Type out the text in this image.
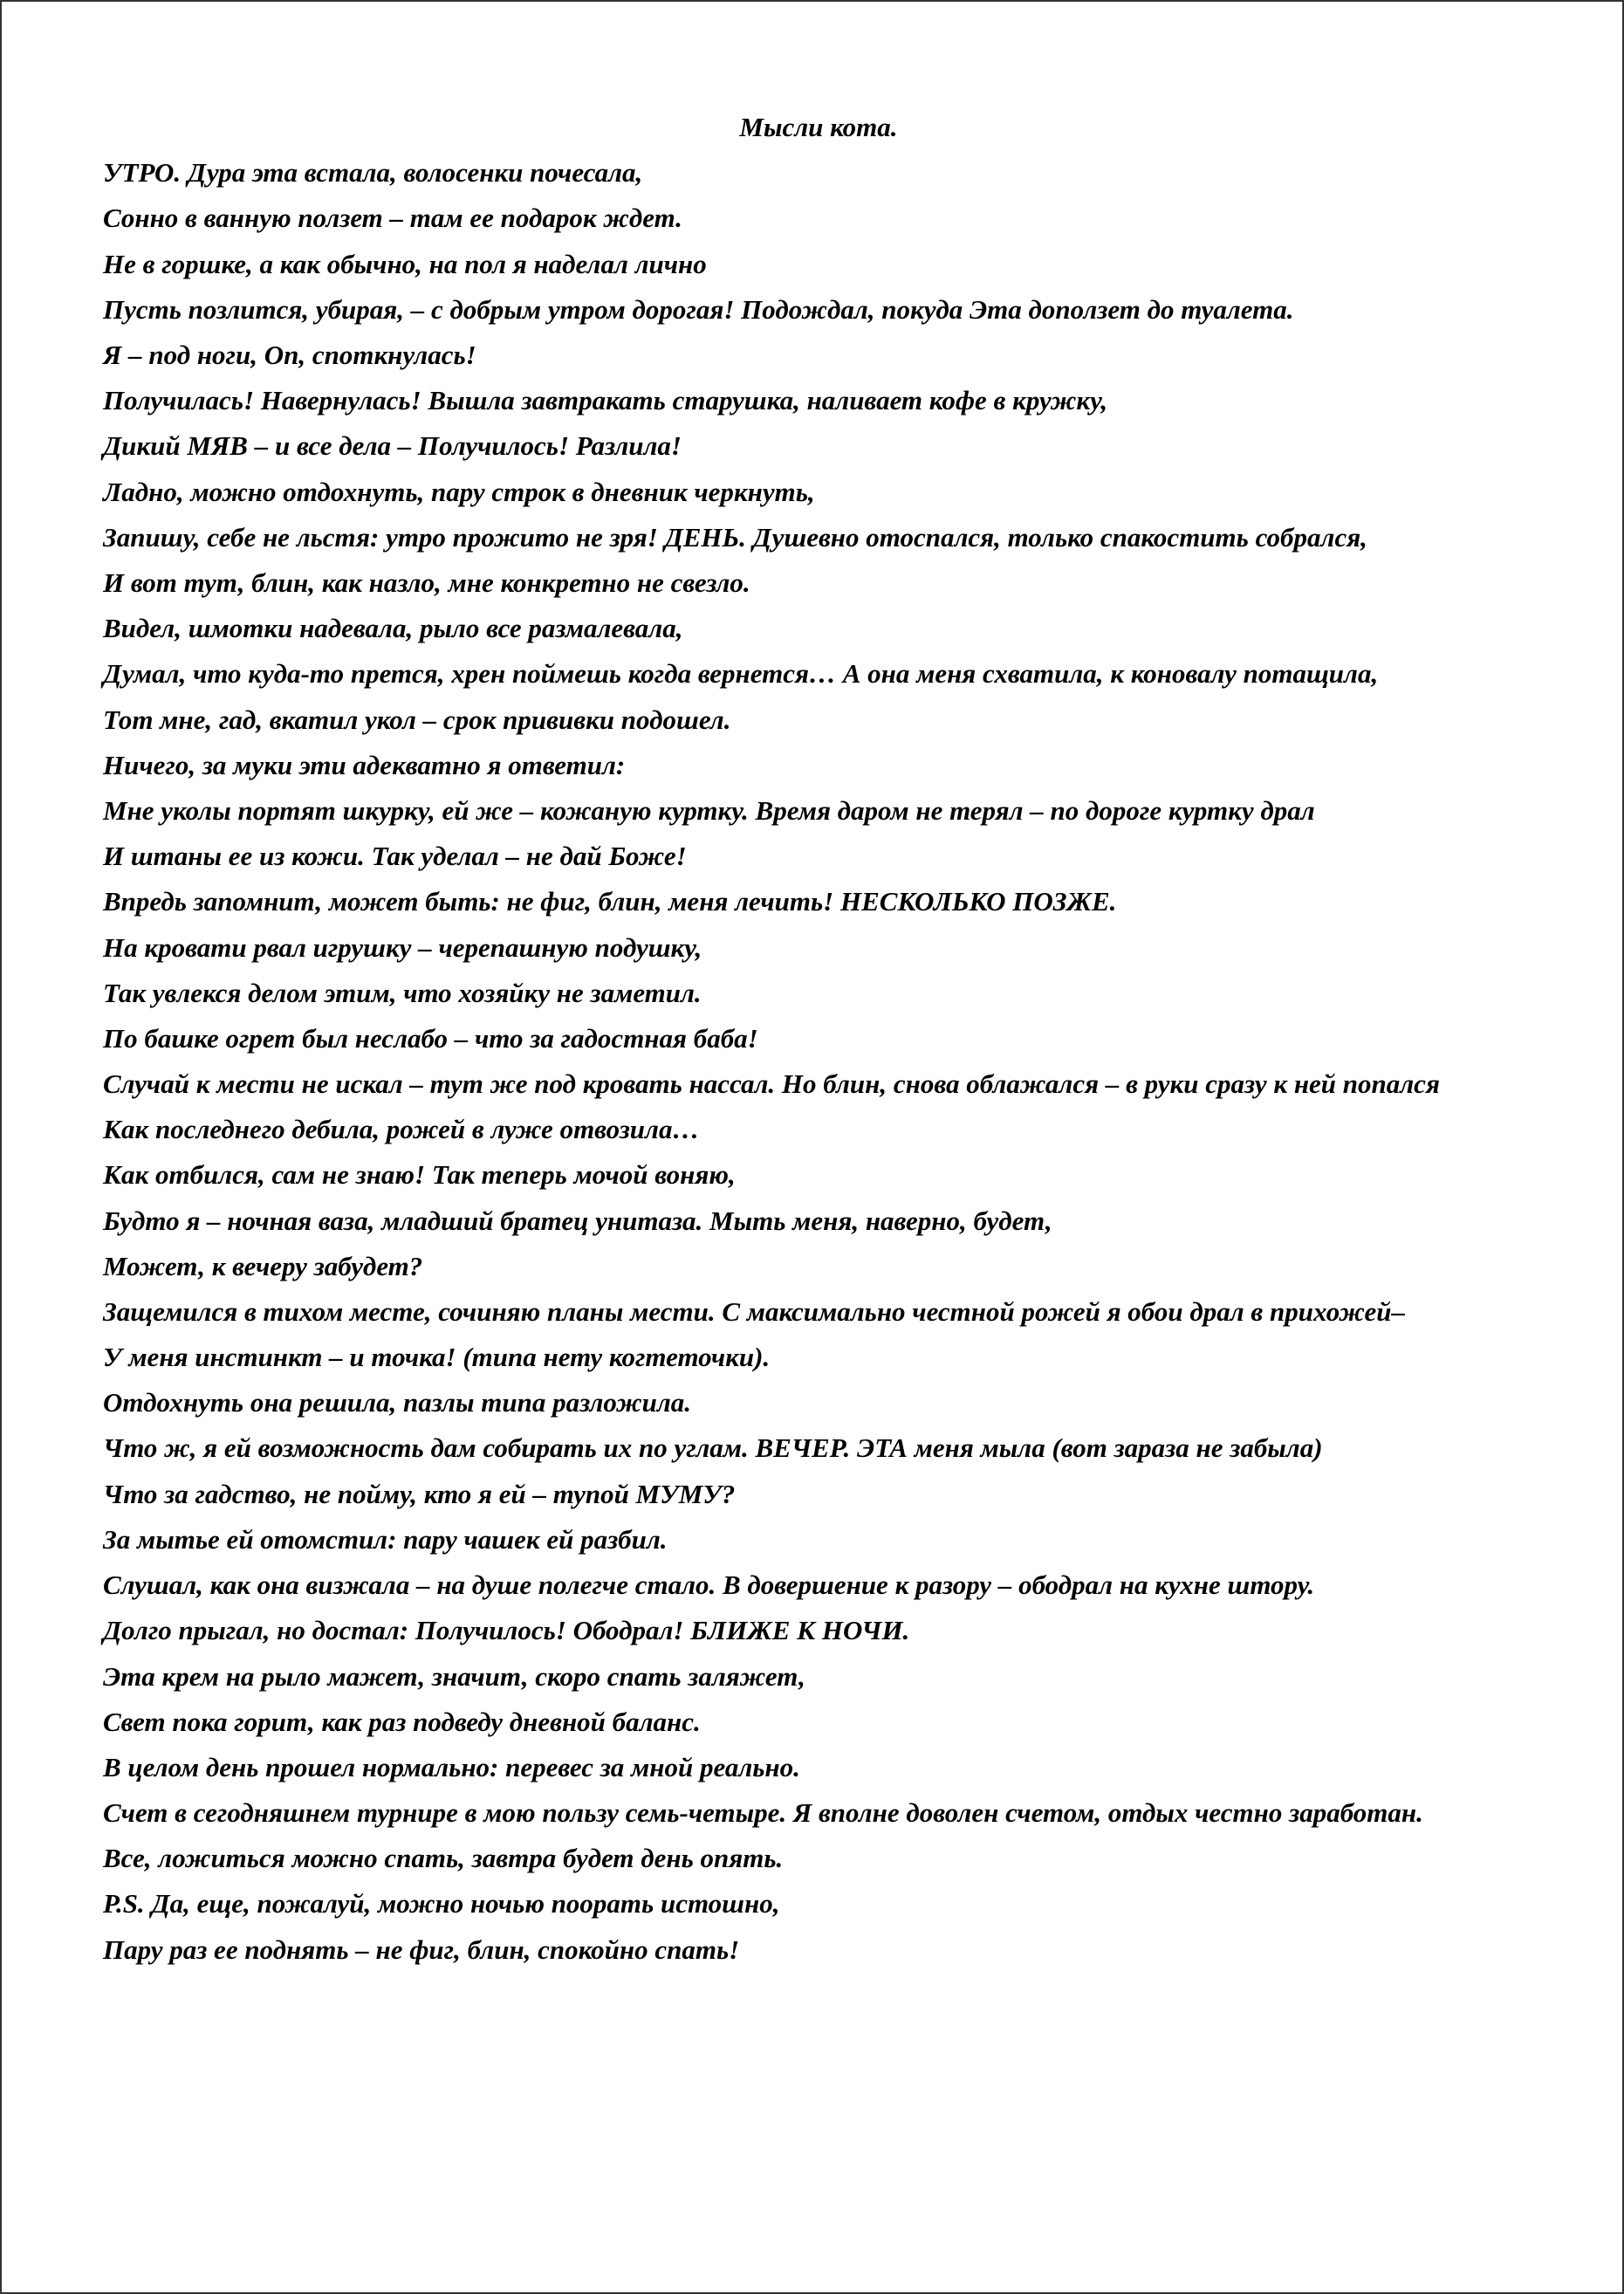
Мысли кота.

УТРО. Дура эта встала, волосенки почесала,

Сонно в ванную ползет – там ее подарок ждет.

Не в горшке, а как обычно, на пол я наделал лично

Пусть позлится, убирая, – с добрым утром дорогая! Подождал, покуда Эта доползет до туалета.

Я – под ноги, Оп, споткнулась!

Получилась! Навернулась! Вышла завтракать старушка, наливает кофе в кружку,

Дикий МЯВ – и все дела – Получилось! Разлила!

Ладно, можно отдохнуть, пару строк в дневник черкнуть,

Запишу, себе не льстя: утро прожито не зря! ДЕНЬ. Душевно отоспался, только спакостить собрался,

И вот тут, блин, как назло, мне конкретно не свезло.

Видел, шмотки надевала, рыло все размалевала,

Думал, что куда-то прется, хрен поймешь когда вернется… А она меня схватила, к коновалу потащила,

Тот мне, гад, вкатил укол – срок прививки подошел.

Ничего, за муки эти адекватно я ответил:

Мне уколы портят шкурку, ей же – кожаную куртку. Время даром не терял – по дороге куртку драл

И штаны ее из кожи. Так уделал – не дай Боже!

Впредь запомнит, может быть: не фиг, блин, меня лечить! НЕСКОЛЬКО ПОЗЖЕ.

На кровати рвал игрушку – черепашную подушку,

Так увлекся делом этим, что хозяйку не заметил.

По башке огрет был неслабо – что за гадостная баба!

Случай к мести не искал – тут же под кровать нассал. Но блин, снова облажался – в руки сразу к ней попался

Как последнего дебила, рожей в луже отвозила…

Как отбился, сам не знаю! Так теперь мочой воняю,

Будто я – ночная ваза, младший братец унитаза. Мыть меня, наверно, будет,

Может, к вечеру забудет?

Защемился в тихом месте, сочиняю планы мести. С максимально честной рожей я обои драл в прихожей–

У меня инстинкт – и точка! (типа нету когтеточки).

Отдохнуть она решила, пазлы типа разложила.

Что ж, я ей возможность дам собирать их по углам. ВЕЧЕР. ЭТА меня мыла (вот зараза не забыла)

Что за гадство, не пойму, кто я ей – тупой МУМУ?

За мытье ей отомстил: пару чашек ей разбил.

Слушал, как она визжала – на душе полегче стало. В довершение к разору – ободрал на кухне штору.

Долго прыгал, но достал: Получилось! Ободрал! БЛИЖЕ К НОЧИ.

Эта крем на рыло мажет, значит, скоро спать заляжет,

Свет пока горит, как раз подведу дневной баланс.

В целом день прошел нормально: перевес за мной реально.

Счет в сегодняшнем турнире в мою пользу семь-четыре. Я вполне доволен счетом, отдых честно заработан.

Все, ложиться можно спать, завтра будет день опять.

P.S. Да, еще, пожалуй, можно ночью поорать истошно,

Пару раз ее поднять – не фиг, блин, спокойно спать!
